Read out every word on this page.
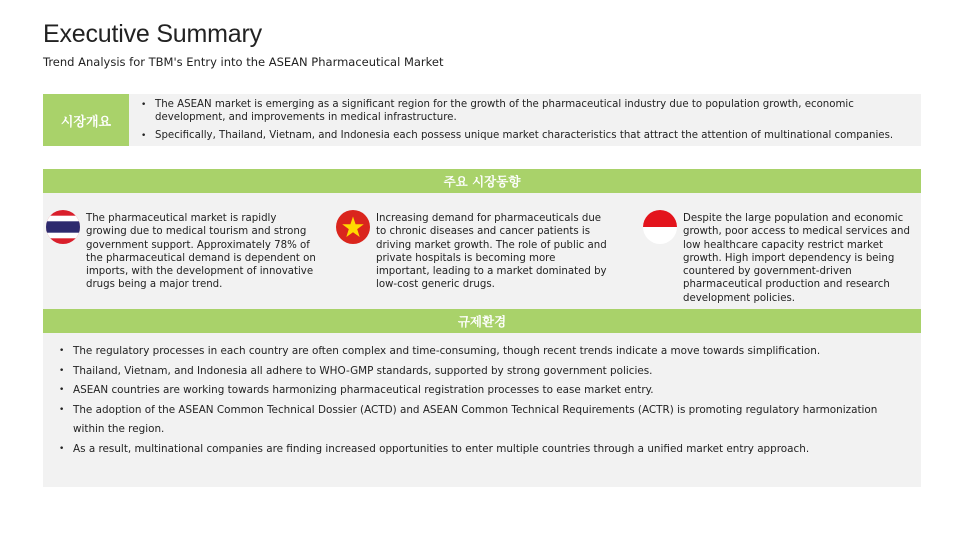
Executive Summary
Trend Analysis for TBM's Entry into the ASEAN Pharmaceutical Market
시장개요
• The ASEAN market is emerging as a significant region for the growth of the pharmaceutical industry due to population growth, economic development, and improvements in medical infrastructure.
• Specifically, Thailand, Vietnam, and Indonesia each possess unique market characteristics that attract the attention of multinational companies.
주요 시장동향
The pharmaceutical market is rapidly growing due to medical tourism and strong government support. Approximately 78% of the pharmaceutical demand is dependent on imports, with the development of innovative drugs being a major trend.
Increasing demand for pharmaceuticals due to chronic diseases and cancer patients is driving market growth. The role of public and private hospitals is becoming more important, leading to a market dominated by low-cost generic drugs.
Despite the large population and economic growth, poor access to medical services and low healthcare capacity restrict market growth. High import dependency is being countered by government-driven pharmaceutical production and research development policies.
규제환경
• The regulatory processes in each country are often complex and time-consuming, though recent trends indicate a move towards simplification.
• Thailand, Vietnam, and Indonesia all adhere to WHO-GMP standards, supported by strong government policies.
• ASEAN countries are working towards harmonizing pharmaceutical registration processes to ease market entry.
• The adoption of the ASEAN Common Technical Dossier (ACTD) and ASEAN Common Technical Requirements (ACTR) is promoting regulatory harmonization within the region.
• As a result, multinational companies are finding increased opportunities to enter multiple countries through a unified market entry approach.
